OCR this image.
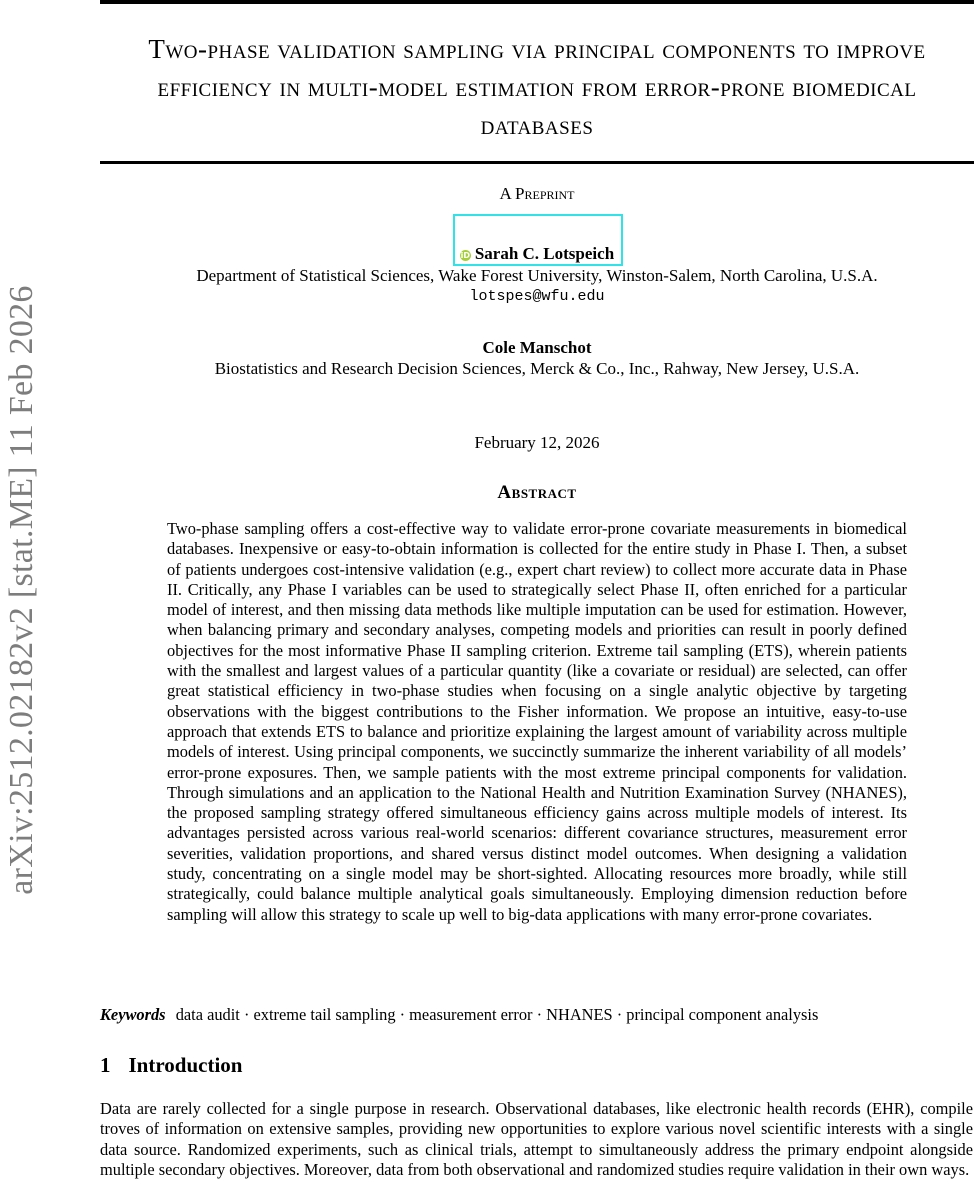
arXiv:2512.02182v2 [stat.ME] 11 Feb 2026
Two-phase validation sampling via principal components to improve efficiency in multi-model estimation from error-prone biomedical databases
A Preprint
iD Sarah C. Lotspeich
Department of Statistical Sciences, Wake Forest University, Winston-Salem, North Carolina, U.S.A.
lotspes@wfu.edu
Cole Manschot
Biostatistics and Research Decision Sciences, Merck & Co., Inc., Rahway, New Jersey, U.S.A.
February 12, 2026
Abstract

Two-phase sampling offers a cost-effective way to validate error-prone covariate measurements in biomedical databases. Inexpensive or easy-to-obtain information is collected for the entire study in Phase I. Then, a subset of patients undergoes cost-intensive validation (e.g., expert chart review) to collect more accurate data in Phase II. Critically, any Phase I variables can be used to strategically select Phase II, often enriched for a particular model of interest, and then missing data methods like multiple imputation can be used for estimation. However, when balancing primary and secondary analyses, competing models and priorities can result in poorly defined objectives for the most informative Phase II sampling criterion. Extreme tail sampling (ETS), wherein patients with the smallest and largest values of a particular quantity (like a covariate or residual) are selected, can offer great statistical efficiency in two-phase studies when focusing on a single analytic objective by targeting observations with the biggest contributions to the Fisher information. We propose an intuitive, easy-to-use approach that extends ETS to balance and prioritize explaining the largest amount of variability across multiple models of interest. Using principal components, we succinctly summarize the inherent variability of all models’ error-prone exposures. Then, we sample patients with the most extreme principal components for validation. Through simulations and an application to the National Health and Nutrition Examination Survey (NHANES), the proposed sampling strategy offered simultaneous efficiency gains across multiple models of interest. Its advantages persisted across various real-world scenarios: different covariance structures, measurement error severities, validation proportions, and shared versus distinct model outcomes. When designing a validation study, concentrating on a single model may be short-sighted. Allocating resources more broadly, while still strategically, could balance multiple analytical goals simultaneously. Employing dimension reduction before sampling will allow this strategy to scale up well to big-data applications with many error-prone covariates.

Keywords data audit · extreme tail sampling · measurement error · NHANES · principal component analysis
1 Introduction

Data are rarely collected for a single purpose in research. Observational databases, like electronic health records (EHR), compile troves of information on extensive samples, providing new opportunities to explore various novel scientific interests with a single data source. Randomized experiments, such as clinical trials, attempt to simultaneously address the primary endpoint alongside multiple secondary objectives. Moreover, data from both observational and randomized studies require validation in their own ways.
